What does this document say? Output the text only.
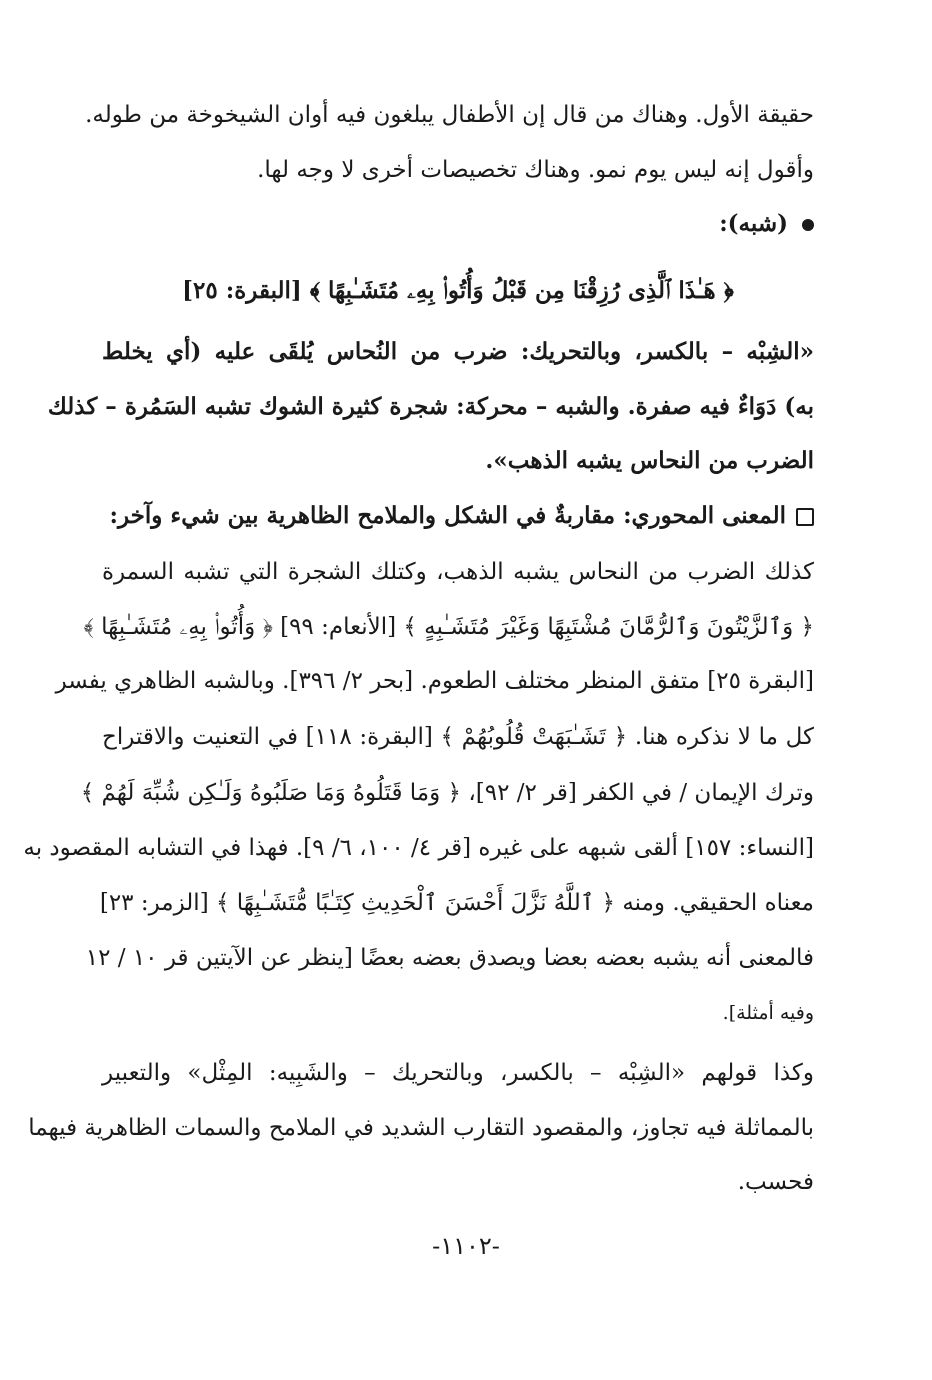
حقيقة الأول. وهناك من قال إن الأطفال يبلغون فيه أوان الشيخوخة من طوله.
وأقول إنه ليس يوم نمو. وهناك تخصيصات أخرى لا وجه لها.
(شبه):
﴿ هَـٰذَا ٱلَّذِى رُزِقْنَا مِن قَبْلُ وَأُتُوا۟ بِهِۦ مُتَشَـٰبِهًا ﴾ [البقرة: ٢٥]
«الشِبْه – بالكسر، وبالتحريك: ضرب من النُحاس يُلقَى عليه (أي يخلط
به) دَوَاءٌ فيه صفرة. والشبه – محركة: شجرة كثيرة الشوك تشبه السَمُرة – كذلك
الضرب من النحاس يشبه الذهب».
المعنى المحوري: مقاربةٌ في الشكل والملامح الظاهرية بين شيء وآخر:
كذلك الضرب من النحاس يشبه الذهب، وكتلك الشجرة التي تشبه السمرة
﴿ وَٱلزَّيْتُونَ وَٱلرُّمَّانَ مُشْتَبِهًا وَغَيْرَ مُتَشَـٰبِهٍ ﴾ [الأنعام: ٩٩] ﴿ وَأُتُوا۟ بِهِۦ مُتَشَـٰبِهًا ﴾
[البقرة ٢٥] متفق المنظر مختلف الطعوم. [بحر ٢/ ٣٩٦]. وبالشبه الظاهري يفسر
كل ما لا نذكره هنا. ﴿ تَشَـٰبَهَتْ قُلُوبُهُمْ ﴾ [البقرة: ١١٨] في التعنيت والاقتراح
وترك الإيمان / في الكفر [قر ٢/ ٩٢]، ﴿ وَمَا قَتَلُوهُ وَمَا صَلَبُوهُ وَلَـٰكِن شُبِّهَ لَهُمْ ﴾
[النساء: ١٥٧] ألقى شبهه على غيره [قر ٤/ ١٠٠، ٦/ ٩]. فهذا في التشابه المقصود به
معناه الحقيقي. ومنه ﴿ ٱللَّهُ نَزَّلَ أَحْسَنَ ٱلْحَدِيثِ كِتَـٰبًا مُّتَشَـٰبِهًا ﴾ [الزمر: ٢٣]
فالمعنى أنه يشبه بعضه بعضا ويصدق بعضه بعضًا [ينظر عن الآيتين قر ١٠ / ١٢
وفيه أمثلة].
وكذا قولهم «الشِبْه – بالكسر، وبالتحريك – والشَبِيه: المِثْل» والتعبير
بالمماثلة فيه تجاوز، والمقصود التقارب الشديد في الملامح والسمات الظاهرية فيهما
فحسب.
-١١٠٢-
